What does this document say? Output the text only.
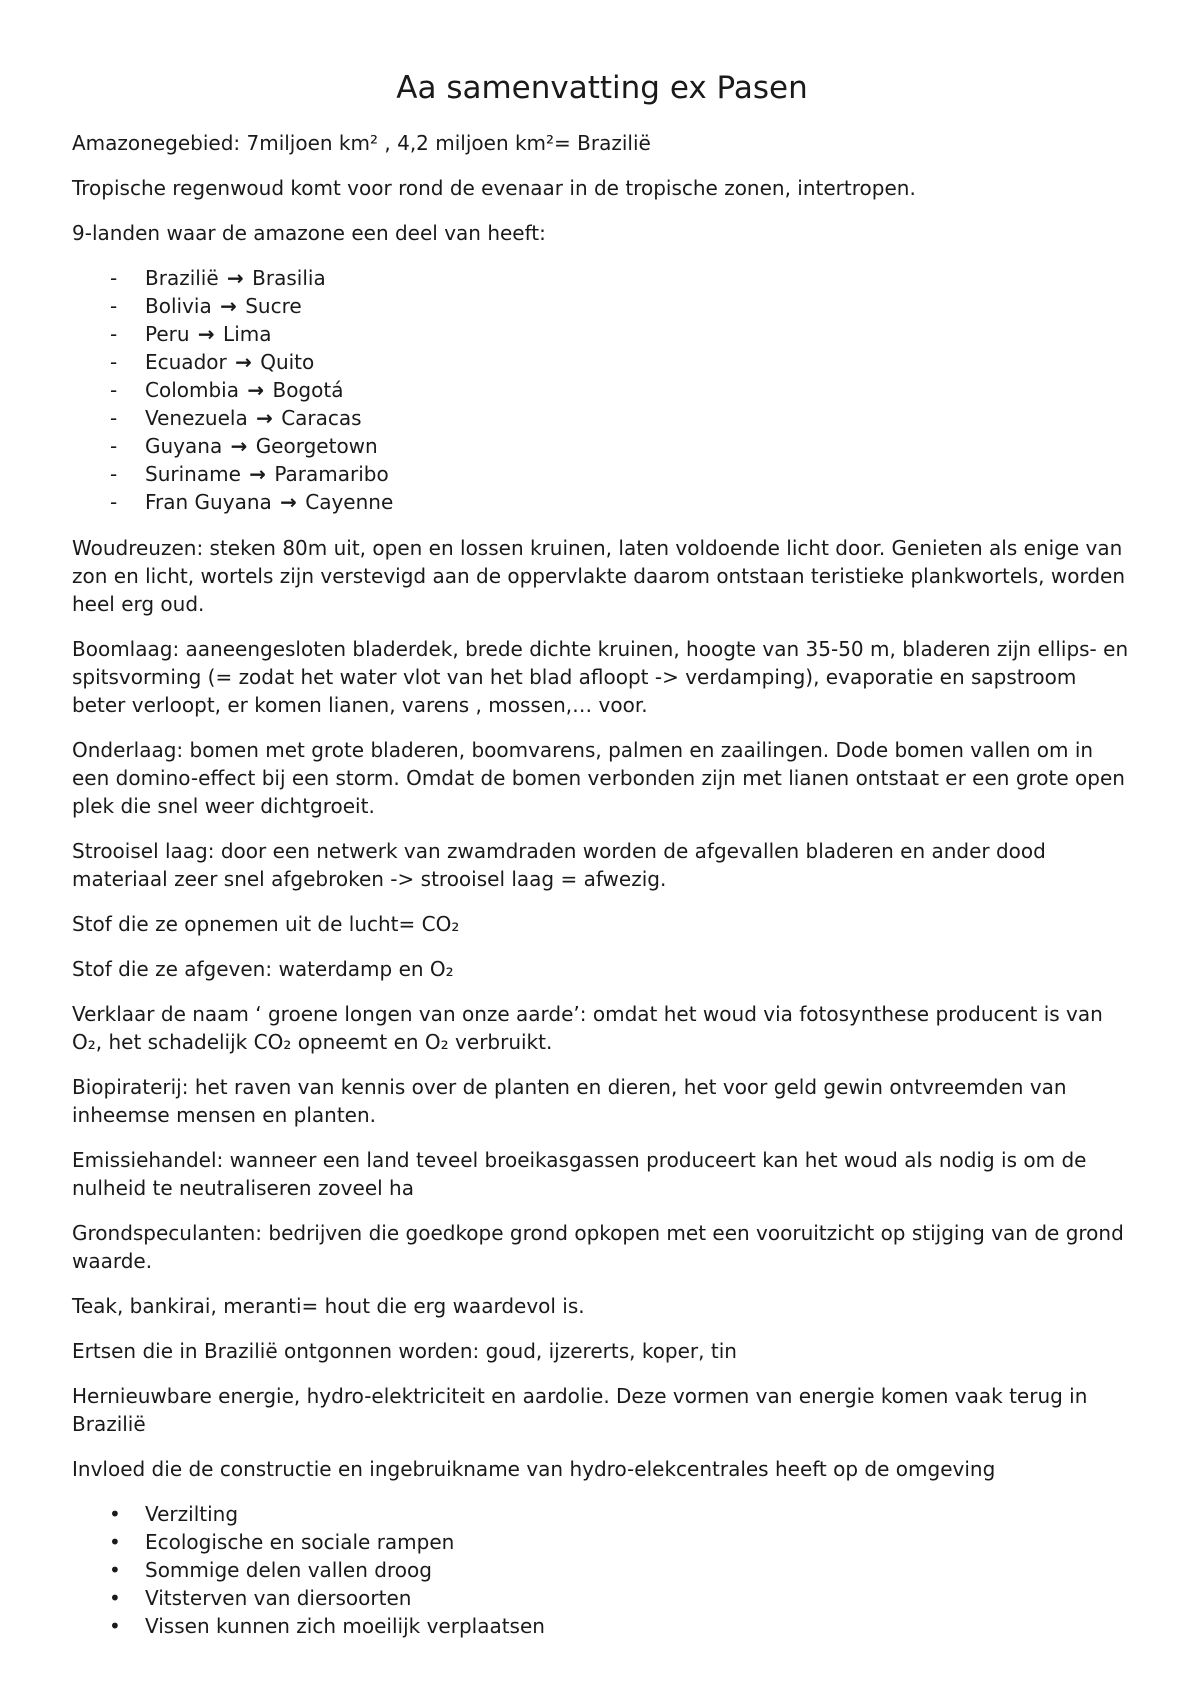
Aa samenvatting ex Pasen

Amazonegebied: 7miljoen km² , 4,2 miljoen km²= Brazilië

Tropische regenwoud komt voor rond de evenaar in de tropische zonen, intertropen.

9-landen waar de amazone een deel van heeft:

- Brazilië → Brasilia
- Bolivia → Sucre
- Peru → Lima
- Ecuador → Quito
- Colombia → Bogotá
- Venezuela → Caracas
- Guyana → Georgetown
- Suriname → Paramaribo
- Fran Guyana → Cayenne

Woudreuzen: steken 80m uit, open en lossen kruinen, laten voldoende licht door. Genieten als enige van zon en licht, wortels zijn verstevigd aan de oppervlakte daarom ontstaan teristieke plankwortels, worden heel erg oud.

Boomlaag: aaneengesloten bladerdek, brede dichte kruinen, hoogte van 35-50 m, bladeren zijn ellips- en spitsvorming (= zodat het water vlot van het blad afloopt -> verdamping), evaporatie en sapstroom beter verloopt, er komen lianen, varens , mossen,… voor.

Onderlaag: bomen met grote bladeren, boomvarens, palmen en zaailingen. Dode bomen vallen om in een domino-effect bij een storm. Omdat de bomen verbonden zijn met lianen ontstaat er een grote open plek die snel weer dichtgroeit.

Strooisel laag: door een netwerk van zwamdraden worden de afgevallen bladeren en ander dood materiaal zeer snel afgebroken -> strooisel laag = afwezig.

Stof die ze opnemen uit de lucht= CO₂

Stof die ze afgeven: waterdamp en O₂

Verklaar de naam ‘ groene longen van onze aarde’: omdat het woud via fotosynthese producent is van O₂, het schadelijk CO₂ opneemt en O₂ verbruikt.

Biopiraterij: het raven van kennis over de planten en dieren, het voor geld gewin ontvreemden van inheemse mensen en planten.

Emissiehandel: wanneer een land teveel broeikasgassen produceert kan het woud als nodig is om de nulheid te neutraliseren zoveel ha

Grondspeculanten: bedrijven die goedkope grond opkopen met een vooruitzicht op stijging van de grond waarde.

Teak, bankirai, meranti= hout die erg waardevol is.

Ertsen die in Brazilië ontgonnen worden: goud, ijzererts, koper, tin

Hernieuwbare energie, hydro-elektriciteit en aardolie. Deze vormen van energie komen vaak terug in Brazilië

Invloed die de constructie en ingebruikname van hydro-elekcentrales heeft op de omgeving

• Verzilting
• Ecologische en sociale rampen
• Sommige delen vallen droog
• Vitsterven van diersoorten
• Vissen kunnen zich moeilijk verplaatsen
